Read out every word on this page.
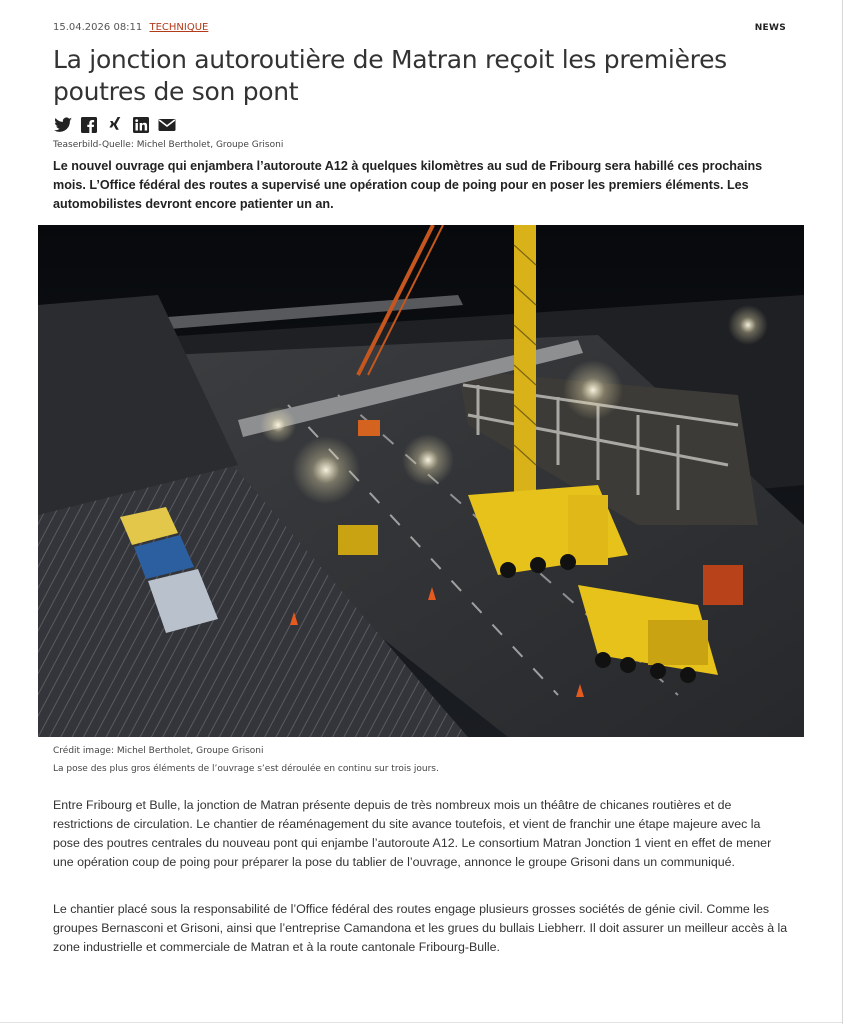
15.04.2026 08:11 TECHNIQUE	NEWS
La jonction autoroutière de Matran reçoit les premières poutres de son pont
Teaserbild-Quelle: Michel Bertholet, Groupe Grisoni

Le nouvel ouvrage qui enjambera l’autoroute A12 à quelques kilomètres au sud de Fribourg sera habillé ces prochains mois. L’Office fédéral des routes a supervisé une opération coup de poing pour en poser les premiers éléments. Les automobilistes devront encore patienter un an.

Crédit image: Michel Bertholet, Groupe Grisoni
La pose des plus gros éléments de l’ouvrage s’est déroulée en continu sur trois jours.

Entre Fribourg et Bulle, la jonction de Matran présente depuis de très nombreux mois un théâtre de chicanes routières et de restrictions de circulation. Le chantier de réaménagement du site avance toutefois, et vient de franchir une étape majeure avec la pose des poutres centrales du nouveau pont qui enjambe l’autoroute A12. Le consortium Matran Jonction 1 vient en effet de mener une opération coup de poing pour préparer la pose du tablier de l’ouvrage, annonce le groupe Grisoni dans un communiqué.

Le chantier placé sous la responsabilité de l’Office fédéral des routes engage plusieurs grosses sociétés de génie civil. Comme les groupes Bernasconi et Grisoni, ainsi que l’entreprise Camandona et les grues du bullais Liebherr. Il doit assurer un meilleur accès à la zone industrielle et commerciale de Matran et à la route cantonale Fribourg-Bulle.
